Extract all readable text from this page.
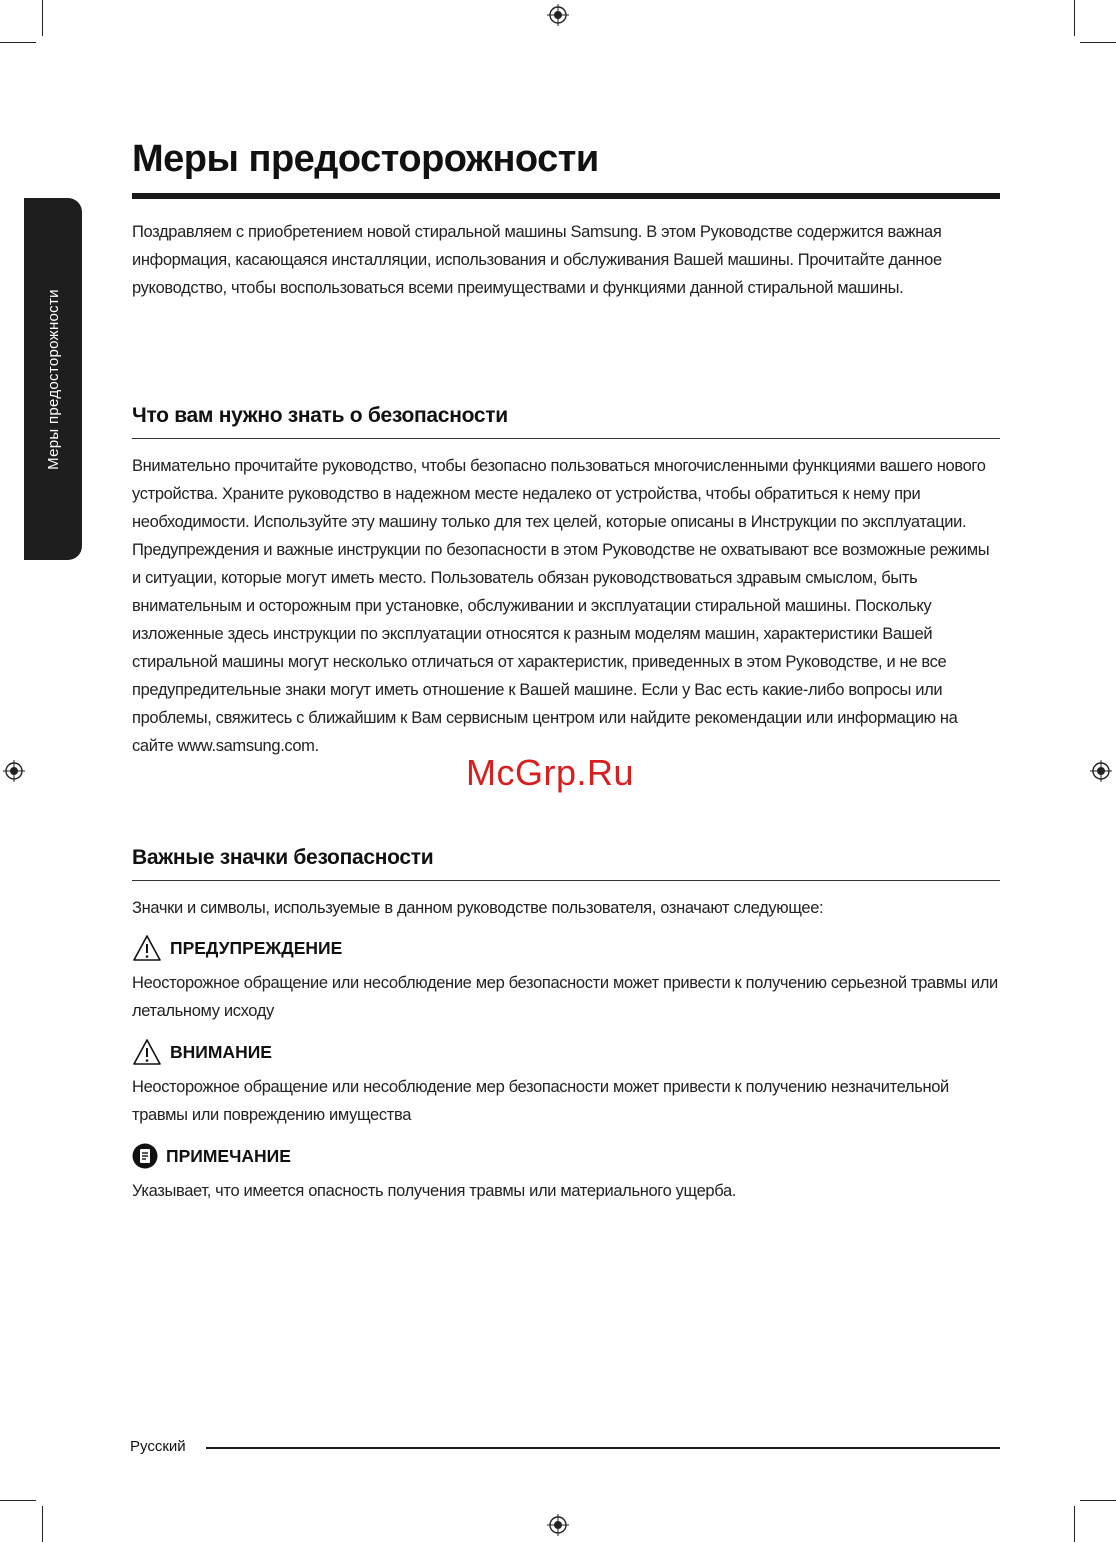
Меры предосторожности
Меры предосторожности

Поздравляем с приобретением новой стиральной машины Samsung. В этом Руководстве содержится важная информация, касающаяся инсталляции, использования и обслуживания Вашей машины. Прочитайте данное руководство, чтобы воспользоваться всеми преимуществами и функциями данной стиральной машины.

Что вам нужно знать о безопасности

Внимательно прочитайте руководство, чтобы безопасно пользоваться многочисленными функциями вашего нового устройства. Храните руководство в надежном месте недалеко от устройства, чтобы обратиться к нему при необходимости. Используйте эту машину только для тех целей, которые описаны в Инструкции по эксплуатации.
Предупреждения и важные инструкции по безопасности в этом Руководстве не охватывают все возможные режимы и ситуации, которые могут иметь место. Пользователь обязан руководствоваться здравым смыслом, быть внимательным и осторожным при установке, обслуживании и эксплуатации стиральной машины. Поскольку изложенные здесь инструкции по эксплуатации относятся к разным моделям машин, характеристики Вашей стиральной машины могут несколько отличаться от характеристик, приведенных в этом Руководстве, и не все предупредительные знаки могут иметь отношение к Вашей машине. Если у Вас есть какие-либо вопросы или проблемы, свяжитесь с ближайшим к Вам сервисным центром или найдите рекомендации или информацию на сайте www.samsung.com.

McGrp.Ru
Важные значки безопасности

Значки и символы, используемые в данном руководстве пользователя, означают следующее:

ПРЕДУПРЕЖДЕНИЕ

Неосторожное обращение или несоблюдение мер безопасности может привести к получению серьезной травмы или летальному исходу

ВНИМАНИЕ

Неосторожное обращение или несоблюдение мер безопасности может привести к получению незначительной травмы или повреждению имущества

ПРИМЕЧАНИЕ

Указывает, что имеется опасность получения травмы или материального ущерба.

Русский
